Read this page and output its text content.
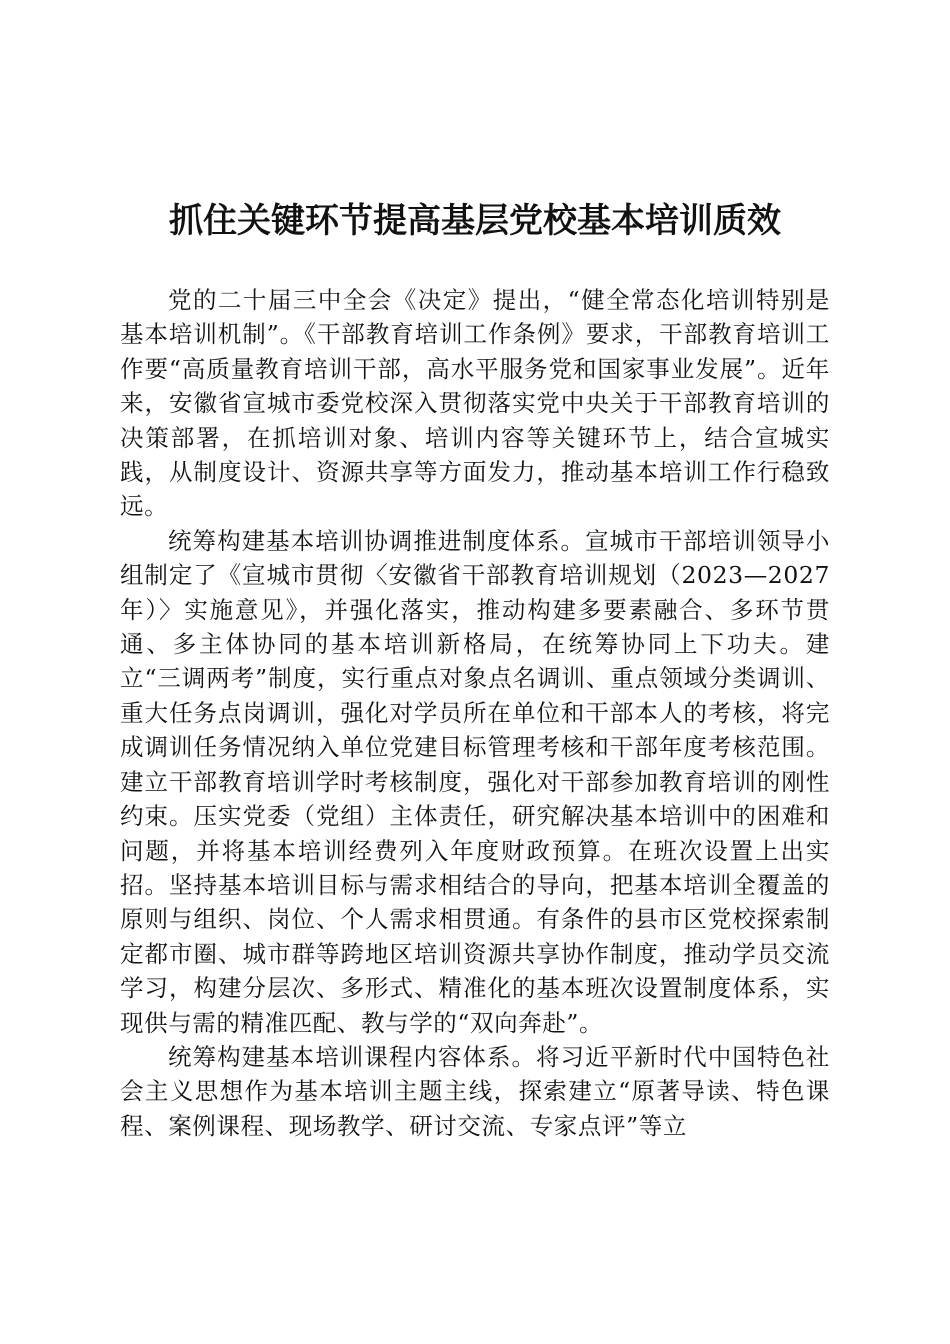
抓住关键环节提高基层党校基本培训质效

党的二十届三中全会《决定》提出，“健全常态化培训特别是基本培训机制”。《干部教育培训工作条例》要求，干部教育培训工作要“高质量教育培训干部，高水平服务党和国家事业发展”。近年来，安徽省宣城市委党校深入贯彻落实党中央关于干部教育培训的决策部署，在抓培训对象、培训内容等关键环节上，结合宣城实践，从制度设计、资源共享等方面发力，推动基本培训工作行稳致远。

统筹构建基本培训协调推进制度体系。宣城市干部培训领导小组制定了《宣城市贯彻〈安徽省干部教育培训规划（2023—2027年）〉实施意见》，并强化落实，推动构建多要素融合、多环节贯通、多主体协同的基本培训新格局，在统筹协同上下功夫。建立“三调两考”制度，实行重点对象点名调训、重点领域分类调训、重大任务点岗调训，强化对学员所在单位和干部本人的考核，将完成调训任务情况纳入单位党建目标管理考核和干部年度考核范围。建立干部教育培训学时考核制度，强化对干部参加教育培训的刚性约束。压实党委（党组）主体责任，研究解决基本培训中的困难和问题，并将基本培训经费列入年度财政预算。在班次设置上出实招。坚持基本培训目标与需求相结合的导向，把基本培训全覆盖的原则与组织、岗位、个人需求相贯通。有条件的县市区党校探索制定都市圈、城市群等跨地区培训资源共享协作制度，推动学员交流学习，构建分层次、多形式、精准化的基本班次设置制度体系，实现供与需的精准匹配、教与学的“双向奔赴”。

统筹构建基本培训课程内容体系。将习近平新时代中国特色社会主义思想作为基本培训主题主线，探索建立“原著导读、特色课程、案例课程、现场教学、研讨交流、专家点评”等立
